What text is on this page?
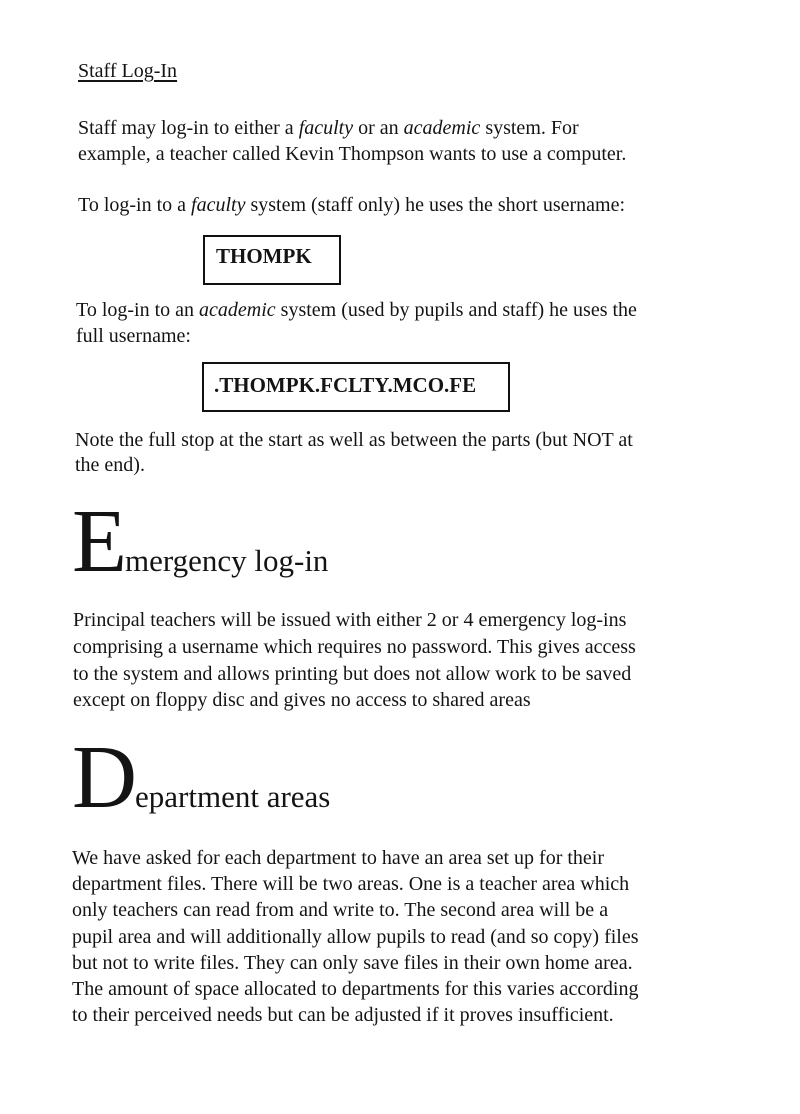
Staff Log-In
Staff may log-in to either a faculty or an academic system. For
example, a teacher called Kevin Thompson wants to use a computer.
To log-in to a faculty system (staff only) he uses the short username:
THOMPK
To log-in to an academic system (used by pupils and staff) he uses the
full username:
.THOMPK.FCLTY.MCO.FE
Note the full stop at the start as well as between the parts (but NOT at
the end).
Emergency log-in
Principal teachers will be issued with either 2 or 4 emergency log-ins
comprising a username which requires no password. This gives access
to the system and allows printing but does not allow work to be saved
except on floppy disc and gives no access to shared areas
Department areas
We have asked for each department to have an area set up for their
department files. There will be two areas. One is a teacher area which
only teachers can read from and write to. The second area will be a
pupil area and will additionally allow pupils to read (and so copy) files
but not to write files. They can only save files in their own home area.
The amount of space allocated to departments for this varies according
to their perceived needs but can be adjusted if it proves insufficient.
